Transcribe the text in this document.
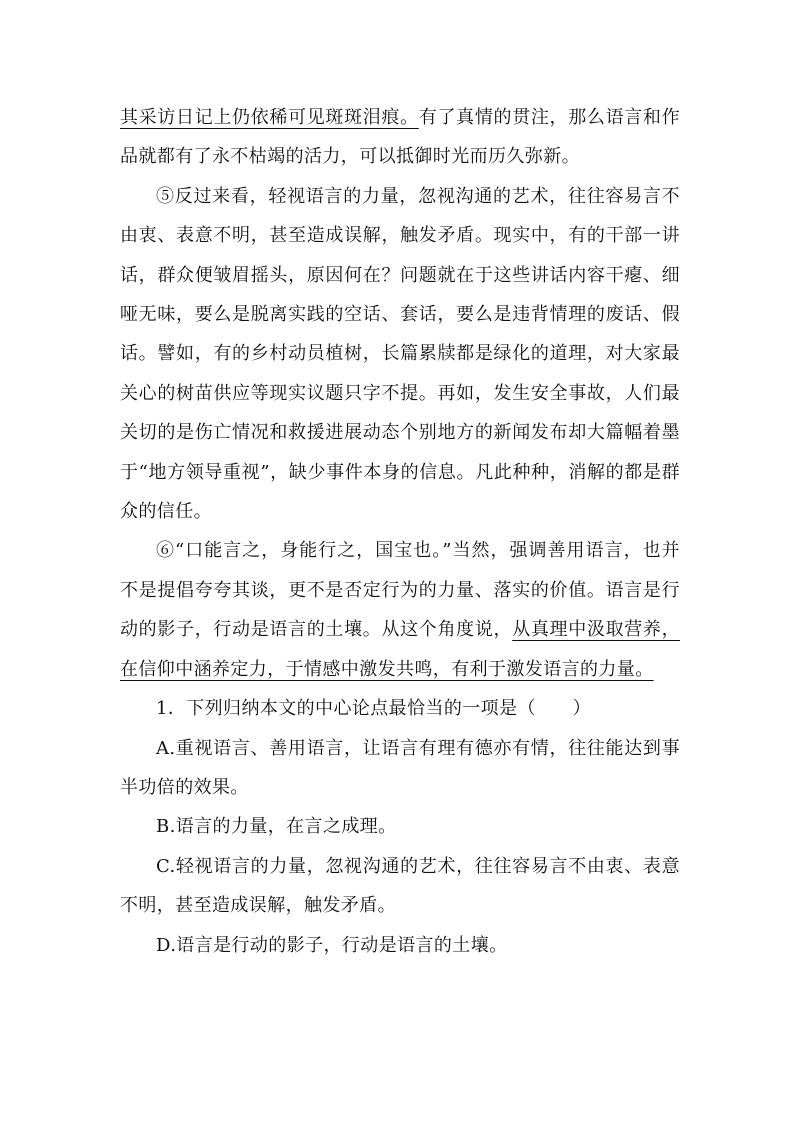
其采访日记上仍依稀可见斑斑泪痕。有了真情的贯注，那么语言和作品就都有了永不枯竭的活力，可以抵御时光而历久弥新。

⑤反过来看，轻视语言的力量，忽视沟通的艺术，往往容易言不由衷、表意不明，甚至造成误解，触发矛盾。现实中，有的干部一讲话，群众便皱眉摇头，原因何在？问题就在于这些讲话内容干瘪、细哑无味，要么是脱离实践的空话、套话，要么是违背情理的废话、假话。譬如，有的乡村动员植树，长篇累牍都是绿化的道理，对大家最关心的树苗供应等现实议题只字不提。再如，发生安全事故，人们最关切的是伤亡情况和救援进展动态个别地方的新闻发布却大篇幅着墨于“地方领导重视”，缺少事件本身的信息。凡此种种，消解的都是群众的信任。

⑥“口能言之，身能行之，国宝也。”当然，强调善用语言，也并不是提倡夸夸其谈，更不是否定行为的力量、落实的价值。语言是行动的影子，行动是语言的土壤。从这个角度说，从真理中汲取营养，在信仰中涵养定力，于情感中激发共鸣，有利于激发语言的力量。

1．下列归纳本文的中心论点最恰当的一项是（　　）

A.重视语言、善用语言，让语言有理有德亦有情，往往能达到事半功倍的效果。

B.语言的力量，在言之成理。

C.轻视语言的力量，忽视沟通的艺术，往往容易言不由衷、表意不明，甚至造成误解，触发矛盾。

D.语言是行动的影子，行动是语言的土壤。
